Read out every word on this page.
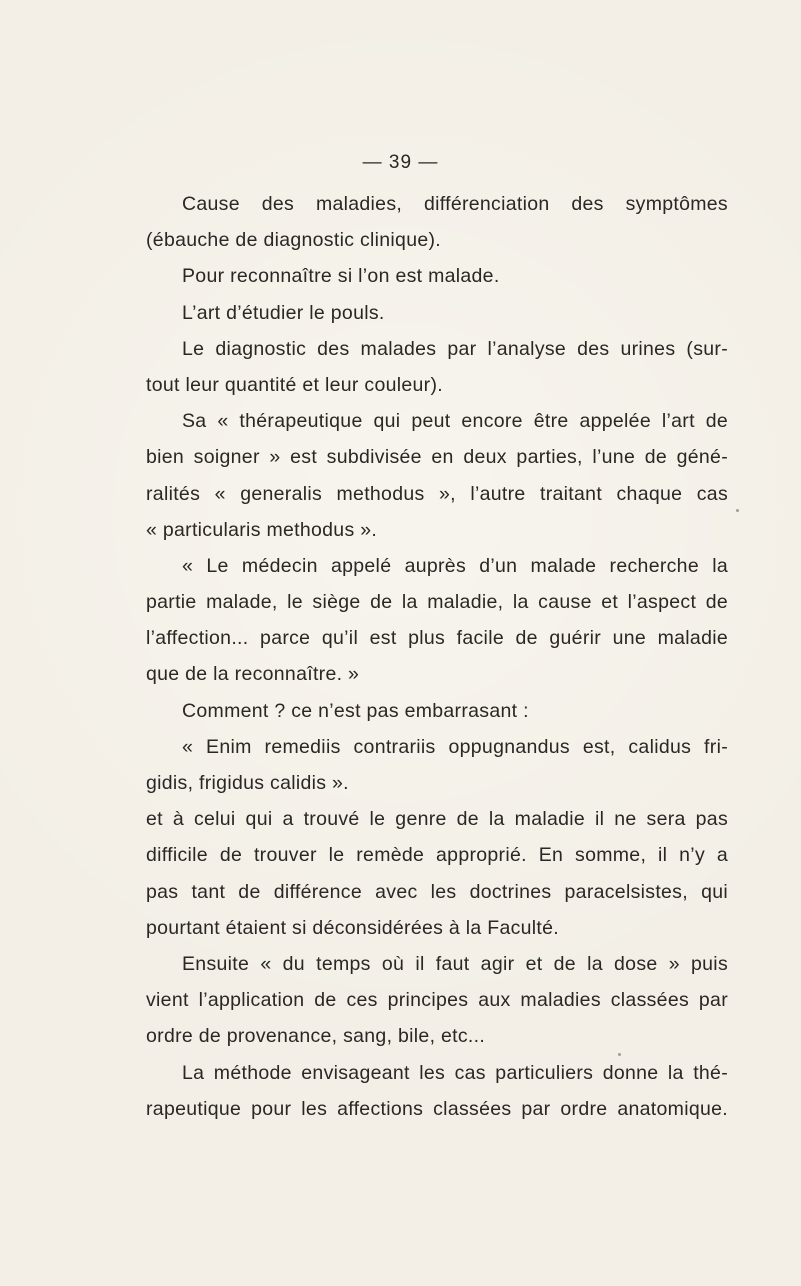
— 39 —
Cause des maladies, différenciation des symptômes
(ébauche de diagnostic clinique).
Pour reconnaître si l’on est malade.
L’art d’étudier le pouls.
Le diagnostic des malades par l’analyse des urines (sur-
tout leur quantité et leur couleur).
Sa « thérapeutique qui peut encore être appelée l’art de
bien soigner » est subdivisée en deux parties, l’une de géné-
ralités « generalis methodus », l’autre traitant chaque cas
« particularis methodus ».
« Le médecin appelé auprès d’un malade recherche la
partie malade, le siège de la maladie, la cause et l’aspect de
l’affection... parce qu’il est plus facile de guérir une maladie
que de la reconnaître. »
Comment ? ce n’est pas embarrasant :
« Enim remediis contrariis oppugnandus est, calidus fri-
gidis, frigidus calidis ».
et à celui qui a trouvé le genre de la maladie il ne sera pas
difficile de trouver le remède approprié. En somme, il n’y a
pas tant de différence avec les doctrines paracelsistes, qui
pourtant étaient si déconsidérées à la Faculté.
Ensuite « du temps où il faut agir et de la dose » puis
vient l’application de ces principes aux maladies classées par
ordre de provenance, sang, bile, etc...
La méthode envisageant les cas particuliers donne la thé-
rapeutique pour les affections classées par ordre anatomique.
